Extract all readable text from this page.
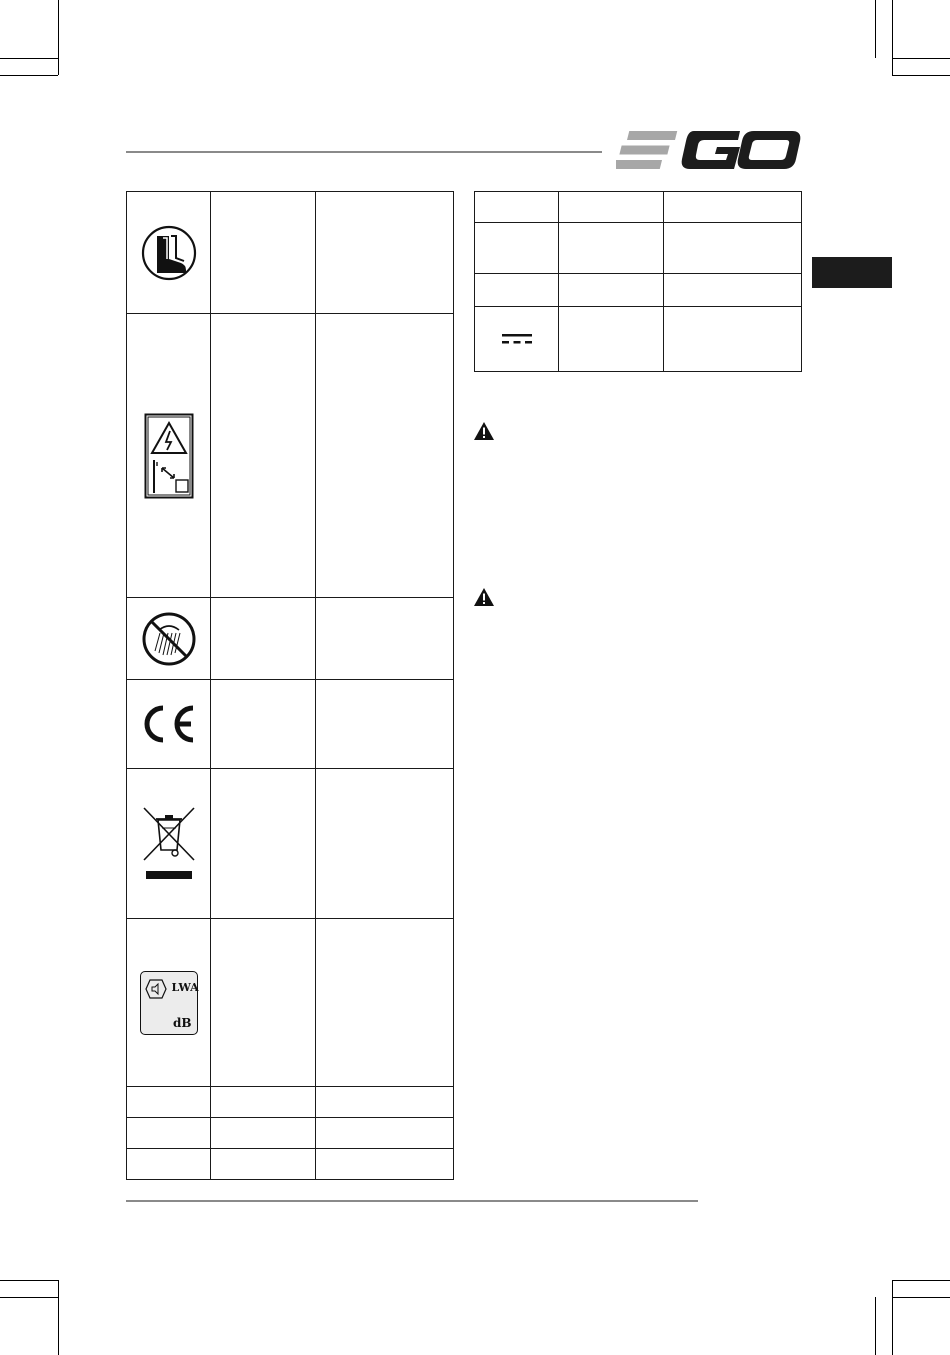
LWA
dB		
